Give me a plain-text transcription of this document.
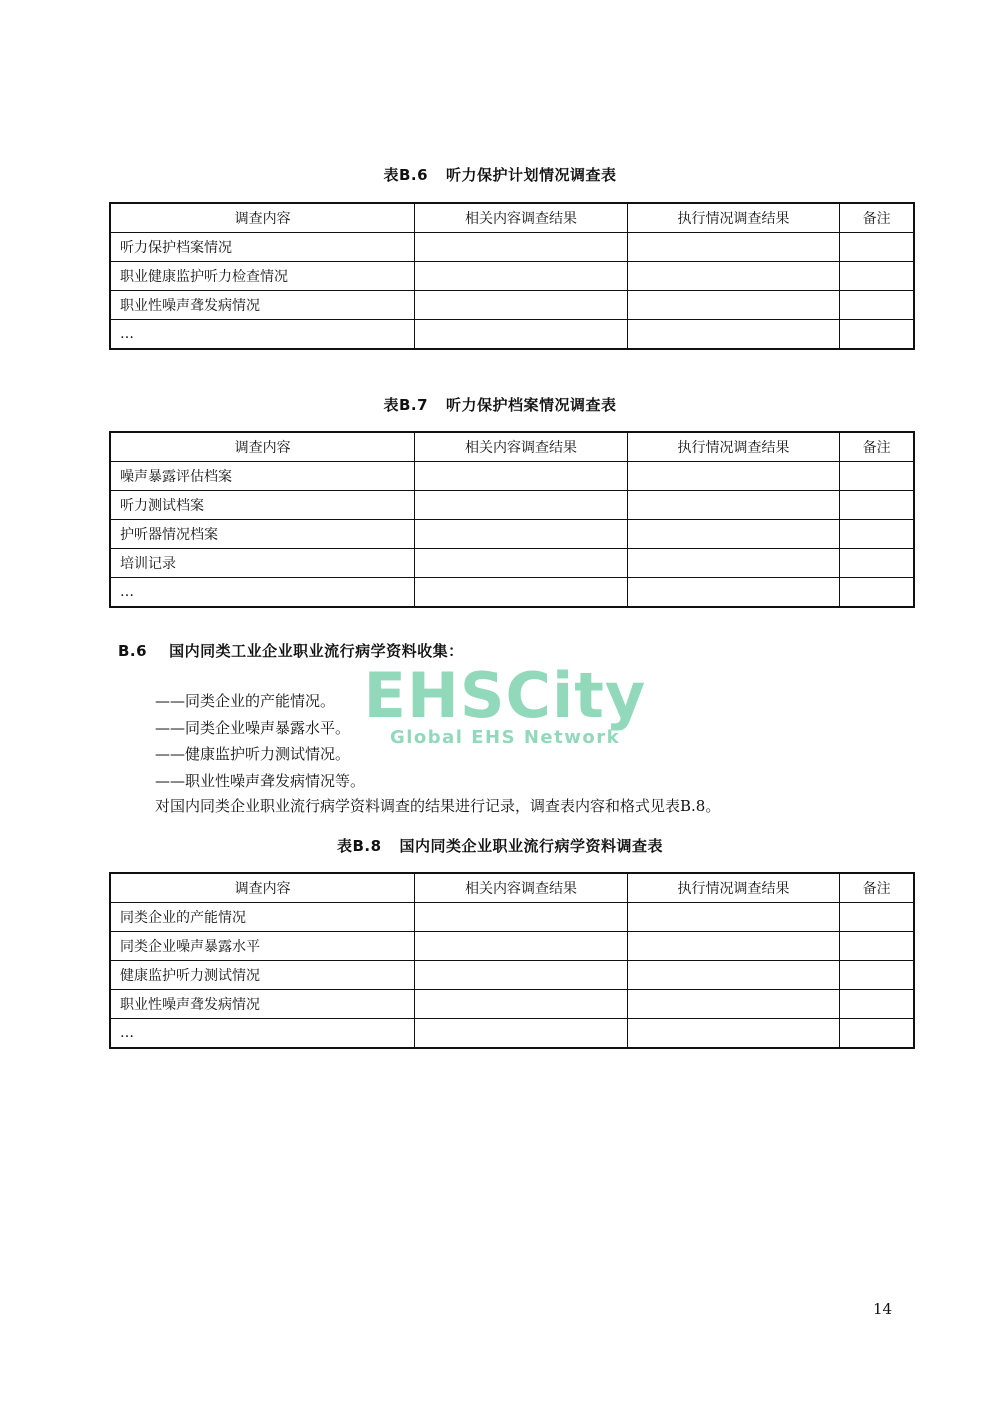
表B.6 听力保护计划情况调查表
调查内容	相关内容调查结果	执行情况调查结果	备注
听力保护档案情况			
职业健康监护听力检查情况			
职业性噪声聋发病情况			
…			
表B.7 听力保护档案情况调查表
调查内容	相关内容调查结果	执行情况调查结果	备注
噪声暴露评估档案			
听力测试档案			
护听器情况档案			
培训记录			
…			
B.6 国内同类工业企业职业流行病学资料收集：
EHSCity
Global EHS Network
——同类企业的产能情况。
——同类企业噪声暴露水平。
——健康监护听力测试情况。
——职业性噪声聋发病情况等。
对国内同类企业职业流行病学资料调查的结果进行记录，调查表内容和格式见表B.8。
表B.8 国内同类企业职业流行病学资料调查表
调查内容	相关内容调查结果	执行情况调查结果	备注
同类企业的产能情况			
同类企业噪声暴露水平			
健康监护听力测试情况			
职业性噪声聋发病情况			
…			
14
